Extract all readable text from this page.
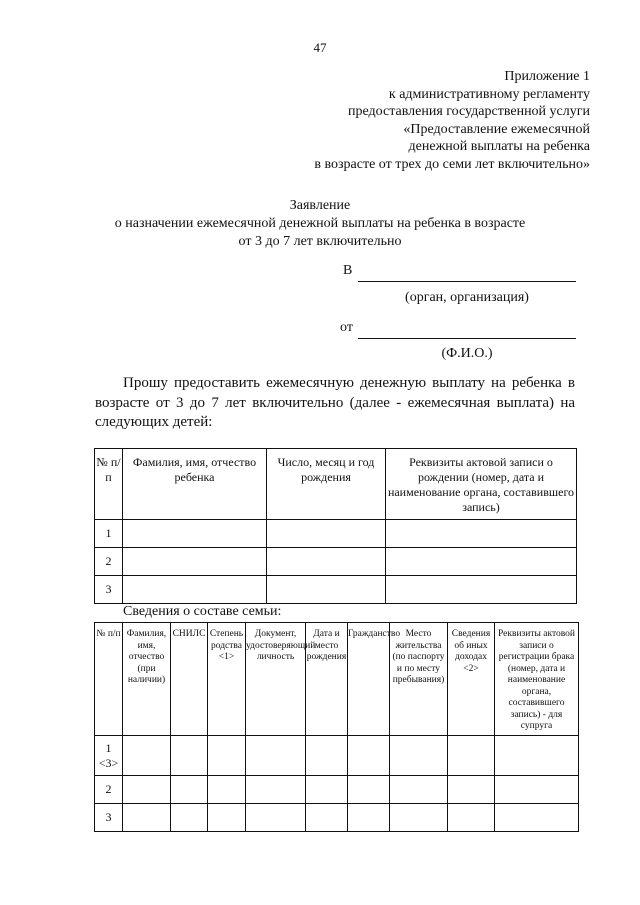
47
Приложение 1
к административному регламенту
предоставления государственной услуги
«Предоставление ежемесячной
денежной выплаты на ребенка
в возрасте от трех до семи лет включительно»
Заявление
о назначении ежемесячной денежной выплаты на ребенка в возрасте
от 3 до 7 лет включительно
В
(орган, организация)
от
(Ф.И.О.)
Прошу предоставить ежемесячную денежную выплату на ребенка в возрасте от 3 до 7 лет включительно (далее - ежемесячная выплата) на следующих детей:
№ п/п	Фамилия, имя, отчество ребенка	Число, месяц и год рождения	Реквизиты актовой записи о рождении (номер, дата и наименование органа, составившего запись)
1			
2			
3			
Сведения о составе семьи:
№ п/п	Фамилия, имя, отчество (при наличии)	СНИЛС	Степень родства <1>	Документ, удостоверяющий личность	Дата и место рождения	Гражданство	Место жительства (по паспорту и по месту пребывания)	Сведения об иных доходах <2>	Реквизиты актовой записи о регистрации брака (номер, дата и наименование органа, составившего запись) - для супруга
1 <3>									
2									
3									
